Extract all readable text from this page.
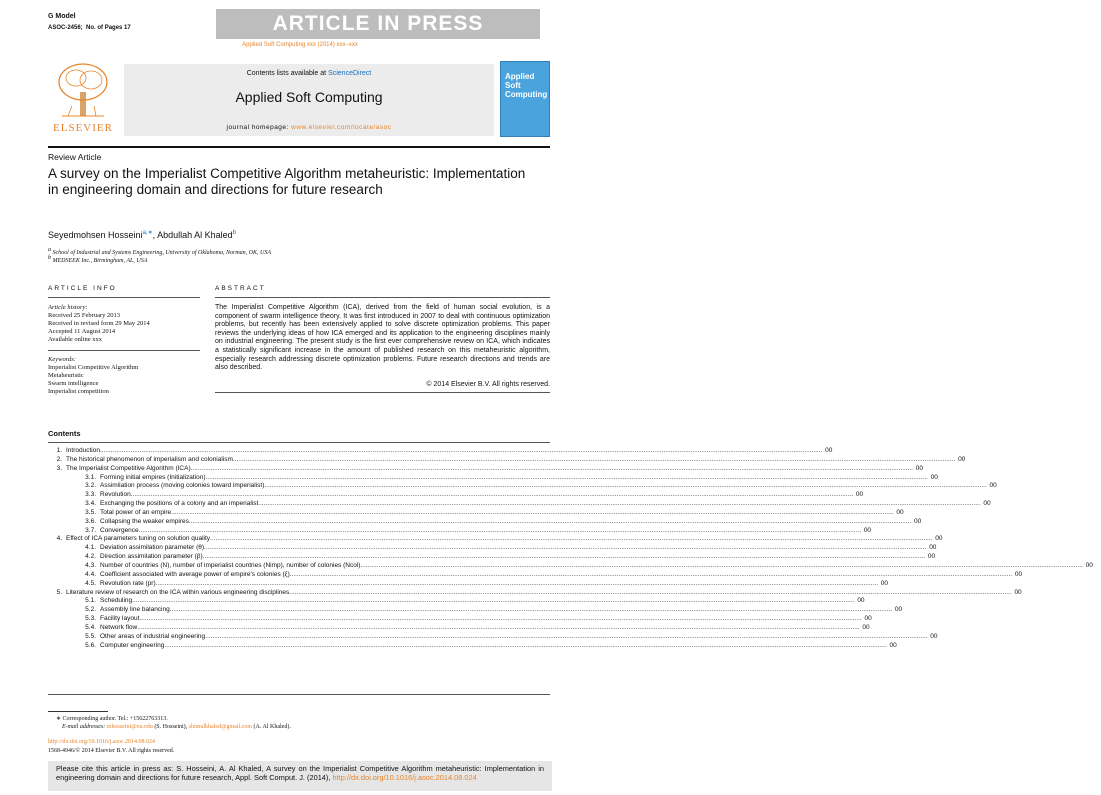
G Model
ASOC-2456; No. of Pages 17	ARTICLE IN PRESS
Applied Soft Computing xxx (2014) xxx–xxx
ELSEVIER
Contents lists available at ScienceDirect
Applied Soft Computing
journal homepage: www.elsevier.com/locate/asoc
Applied
Soft
Computing
Review Article
A survey on the Imperialist Competitive Algorithm metaheuristic: Implementation in engineering domain and directions for future research
Seyedmohsen Hosseini$^{a,∗}$, Abdullah Al Khaled$^b$
a School of Industrial and Systems Engineering, University of Oklahoma, Norman, OK, USA
b MEDSEEK Inc., Birmingham, AL, USA
ARTICLE INFO	ABSTRACT
Article history:
Received 25 February 2013
Received in revised form 29 May 2014
Accepted 11 August 2014
Available online xxx
Keywords:
Imperialist Competitive Algorithm
Metaheuristic
Swarm intelligence
Imperialist competition
The Imperialist Competitive Algorithm (ICA), derived from the field of human social evolution, is a component of swarm intelligence theory. It was first introduced in 2007 to deal with continuous optimization problems, but recently has been extensively applied to solve discrete optimization problems. This paper reviews the underlying ideas of how ICA emerged and its application to the engineering disciplines mainly on industrial engineering. The present study is the first ever comprehensive review on ICA, which indicates a statistically significant increase in the amount of published research on this metaheuristic algorithm, especially research addressing discrete optimization problems. Future research directions and trends are also described.
© 2014 Elsevier B.V. All rights reserved.
Contents
1. Introduction ................................................................................................................................................................................................................................................................................................................................................................................................................ 00
2. The historical phenomenon of imperialism and colonialism ................................................................................................................................................................................................................................................................................................................................................................................................................ 00
3. The Imperialist Competitive Algorithm (ICA) ................................................................................................................................................................................................................................................................................................................................................................................................................ 00
3.1. Forming initial empires (Initialization) ................................................................................................................................................................................................................................................................................................................................................................................................................ 00
3.2. Assimilation process (moving colonies toward imperialist) ................................................................................................................................................................................................................................................................................................................................................................................................................ 00
3.3. Revolution ................................................................................................................................................................................................................................................................................................................................................................................................................ 00
3.4. Exchanging the positions of a colony and an imperialist ................................................................................................................................................................................................................................................................................................................................................................................................................ 00
3.5. Total power of an empire ................................................................................................................................................................................................................................................................................................................................................................................................................ 00
3.6. Collapsing the weaker empires ................................................................................................................................................................................................................................................................................................................................................................................................................ 00
3.7. Convergence ................................................................................................................................................................................................................................................................................................................................................................................................................ 00
4. Effect of ICA parameters tuning on solution quality ................................................................................................................................................................................................................................................................................................................................................................................................................ 00
4.1. Deviation assimilation parameter (θ) ................................................................................................................................................................................................................................................................................................................................................................................................................ 00
4.2. Direction assimilation parameter (β) ................................................................................................................................................................................................................................................................................................................................................................................................................ 00
4.3. Number of countries (N), number of imperialist countries (Nimp), number of colonies (Ncol) ................................................................................................................................................................................................................................................................................................................................................................................................................ 00
4.4. Coefficient associated with average power of empire's colonies (ξ) ................................................................................................................................................................................................................................................................................................................................................................................................................ 00
4.5. Revolution rate (pr) ................................................................................................................................................................................................................................................................................................................................................................................................................ 00
5. Literature review of research on the ICA within various engineering disciplines ................................................................................................................................................................................................................................................................................................................................................................................................................ 00
5.1. Scheduling ................................................................................................................................................................................................................................................................................................................................................................................................................ 00
5.2. Assembly line balancing ................................................................................................................................................................................................................................................................................................................................................................................................................ 00
5.3. Facility layout ................................................................................................................................................................................................................................................................................................................................................................................................................ 00
5.4. Network flow ................................................................................................................................................................................................................................................................................................................................................................................................................ 00
5.5. Other areas of industrial engineering ................................................................................................................................................................................................................................................................................................................................................................................................................ 00
5.6. Computer engineering ................................................................................................................................................................................................................................................................................................................................................................................................................ 00
∗ Corresponding author. Tel.: +15622763313.
E-mail addresses: mhosseini@ou.edu (S. Hosseini), shimulkhaled@gmail.com (A. Al Khaled).
http://dx.doi.org/10.1016/j.asoc.2014.08.024
1568-4946/© 2014 Elsevier B.V. All rights reserved.
Please cite this article in press as: S. Hosseini, A. Al Khaled, A survey on the Imperialist Competitive Algorithm metaheuristic: Implementation in engineering domain and directions for future research, Appl. Soft Comput. J. (2014), http://dx.doi.org/10.1016/j.asoc.2014.08.024
